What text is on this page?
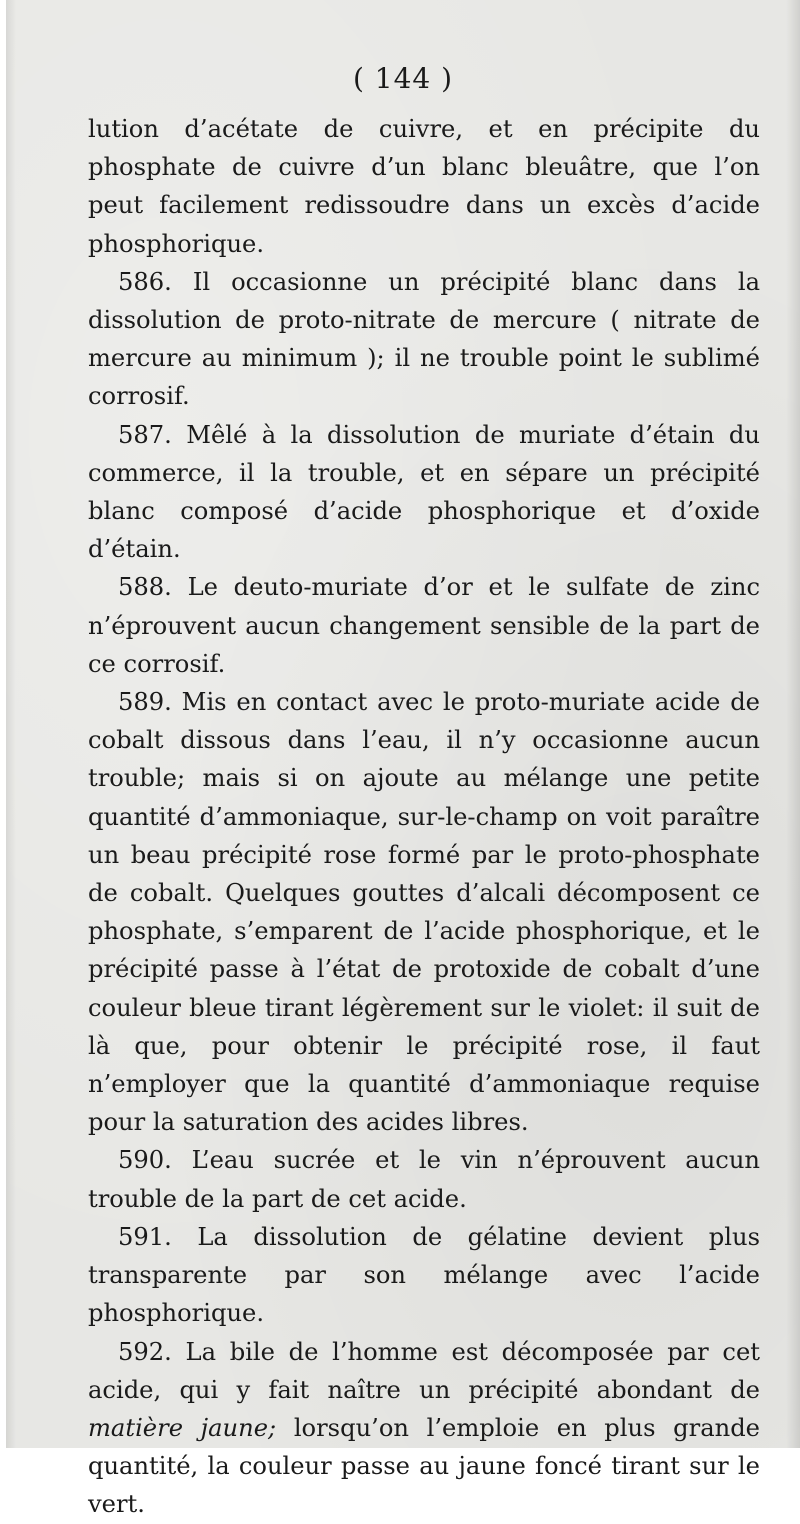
( 144 )

lution d’acétate de cuivre, et en précipite du phosphate de cuivre d’un blanc bleuâtre, que l’on peut facilement redissoudre dans un excès d’acide phosphorique.

586. Il occasionne un précipité blanc dans la dissolution de proto-nitrate de mercure ( nitrate de mercure au minimum ); il ne trouble point le sublimé corrosif.

587. Mêlé à la dissolution de muriate d’étain du commerce, il la trouble, et en sépare un précipité blanc composé d’acide phosphorique et d’oxide d’étain.

588. Le deuto-muriate d’or et le sulfate de zinc n’éprouvent aucun changement sensible de la part de ce corrosif.

589. Mis en contact avec le proto-muriate acide de cobalt dissous dans l’eau, il n’y occasionne aucun trouble; mais si on ajoute au mélange une petite quantité d’ammoniaque, sur-le-champ on voit paraître un beau précipité rose formé par le proto-phosphate de cobalt. Quelques gouttes d’alcali décomposent ce phosphate, s’emparent de l’acide phosphorique, et le précipité passe à l’état de protoxide de cobalt d’une couleur bleue tirant légèrement sur le violet: il suit de là que, pour obtenir le précipité rose, il faut n’employer que la quantité d’ammoniaque requise pour la saturation des acides libres.

590. L’eau sucrée et le vin n’éprouvent aucun trouble de la part de cet acide.

591. La dissolution de gélatine devient plus transparente par son mélange avec l’acide phosphorique.

592. La bile de l’homme est décomposée par cet acide, qui y fait naître un précipité abondant de matière jaune; lorsqu’on l’emploie en plus grande quantité, la couleur passe au jaune foncé tirant sur le vert.
